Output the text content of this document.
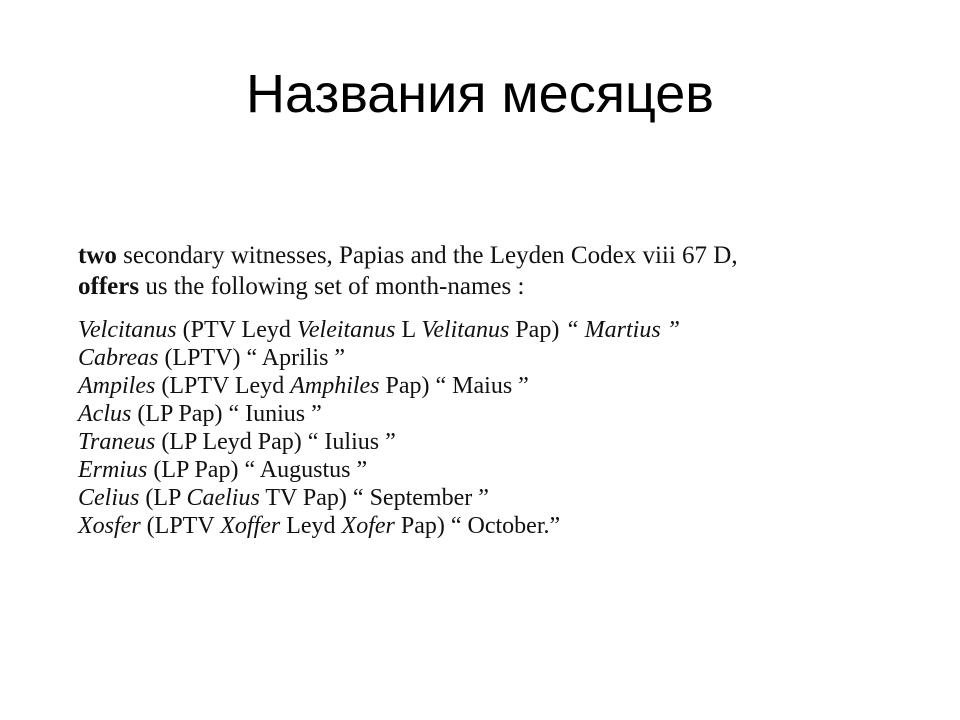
Названия месяцев
two secondary witnesses, Papias and the Leyden Codex viii 67 D,
offers us the following set of month-names :
Velcitanus (PTV Leyd Veleitanus L Velitanus Pap) “ Martius ”
Cabreas (LPTV) “ Aprilis ”
Ampiles (LPTV Leyd Amphiles Pap) “ Maius ”
Aclus (LP Pap) “ Iunius ”
Traneus (LP Leyd Pap) “ Iulius ”
Ermius (LP Pap) “ Augustus ”
Celius (LP Caelius TV Pap) “ September ”
Xosfer (LPTV Xoffer Leyd Xofer Pap) “ October.”
